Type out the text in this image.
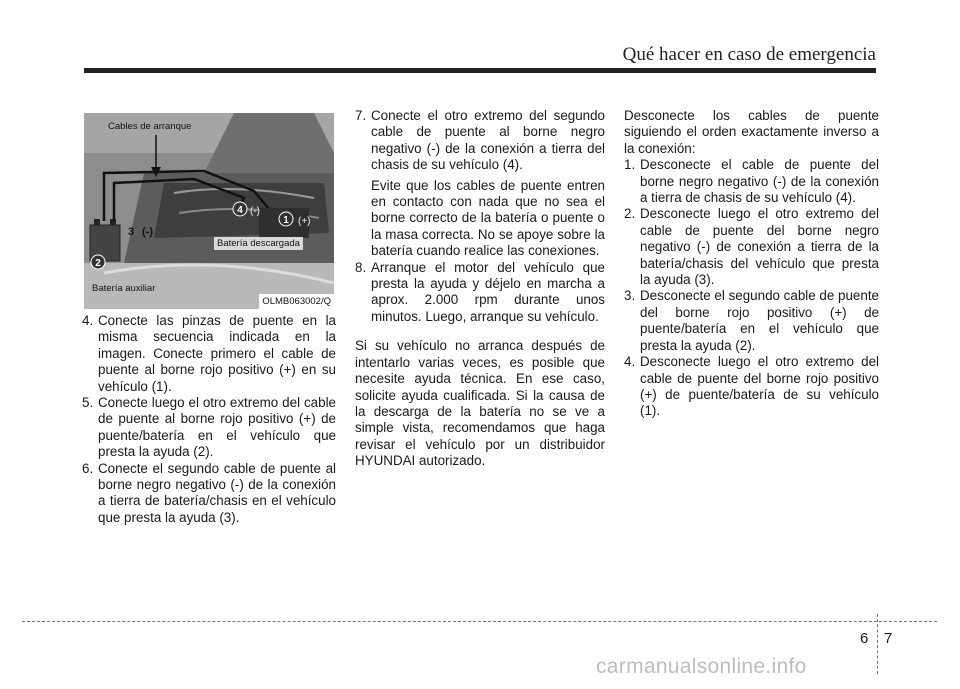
Qué hacer en caso de emergencia
1
4
2
3 (-)
(-)
(+)
Cables de arranque
Batería descargada
Batería auxiliar
OLMB063002/Q
4. Conecte las pinzas de puente en la misma secuencia indicada en la imagen. Conecte primero el cable de puente al borne rojo positivo (+) en su vehículo (1).
5. Conecte luego el otro extremo del cable de puente al borne rojo positivo (+) de puente/batería en el vehículo que presta la ayuda (2).
6. Conecte el segundo cable de puente al borne negro negativo (-) de la conexión a tierra de batería/chasis en el vehículo que presta la ayuda (3).
7. Conecte el otro extremo del segundo cable de puente al borne negro negativo (-) de la conexión a tierra del chasis de su vehículo (4).
Evite que los cables de puente entren en contacto con nada que no sea el borne correcto de la batería o puente o la masa correcta. No se apoye sobre la batería cuando realice las conexiones.
8. Arranque el motor del vehículo que presta la ayuda y déjelo en marcha a aprox. 2.000 rpm durante unos minutos. Luego, arranque su vehículo.

Si su vehículo no arranca después de intentarlo varias veces, es posible que necesite ayuda técnica. En ese caso, solicite ayuda cualificada. Si la causa de la descarga de la batería no se ve a simple vista, recomendamos que haga revisar el vehículo por un distribuidor HYUNDAI autorizado.

Desconecte los cables de puente siguiendo el orden exactamente inverso a la conexión:

1. Desconecte el cable de puente del borne negro negativo (-) de la conexión a tierra de chasis de su vehículo (4).
2. Desconecte luego el otro extremo del cable de puente del borne negro negativo (-) de conexión a tierra de la batería/chasis del vehículo que presta la ayuda (3).
3. Desconecte el segundo cable de puente del borne rojo positivo (+) de puente/batería en el vehículo que presta la ayuda (2).
4. Desconecte luego el otro extremo del cable de puente del borne rojo positivo (+) de puente/batería de su vehículo (1).
6 7
carmanualsonline.info
